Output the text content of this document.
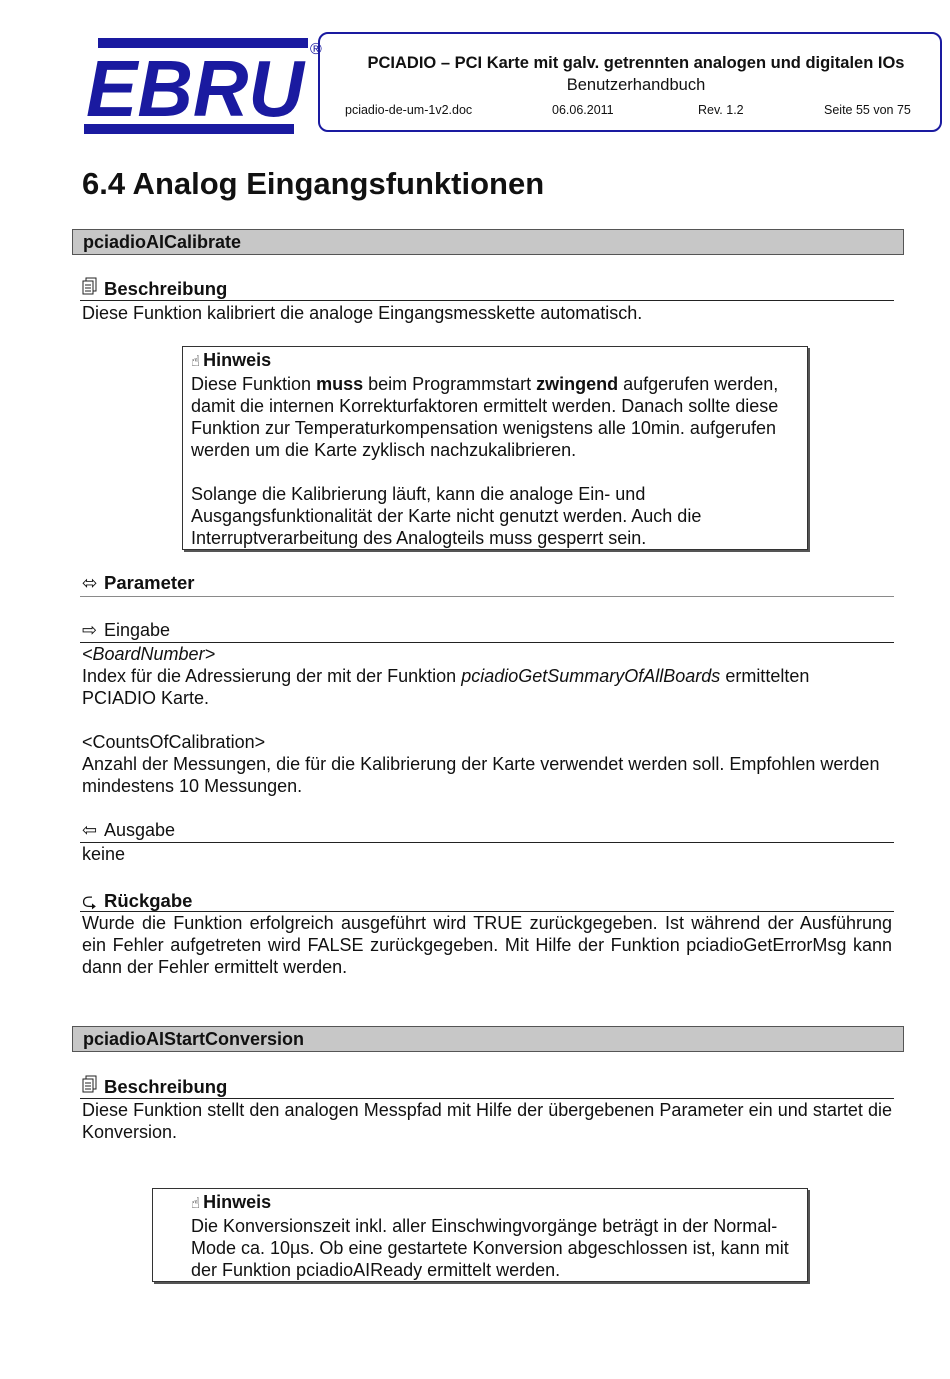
EBRU ®
PCIADIO – PCI Karte mit galv. getrennten analogen und digitalen IOs
Benutzerhandbuch
pciadio-de-um-1v2.doc	06.06.2011	Rev. 1.2	Seite 55 von 75
6.4 Analog Eingangsfunktionen
pciadioAICalibrate
Beschreibung
Diese Funktion kalibriert die analoge Eingangsmesskette automatisch.

☝ Hinweis

Diese Funktion muss beim Programmstart zwingend aufgerufen werden, damit die internen Korrekturfaktoren ermittelt werden. Danach sollte diese Funktion zur Temperaturkompensation wenigstens alle 10min. aufgerufen werden um die Karte zyklisch nachzukalibrieren.

Solange die Kalibrierung läuft, kann die analoge Ein- und Ausgangsfunktionalität der Karte nicht genutzt werden. Auch die Interruptverarbeitung des Analogteils muss gesperrt sein.

⬄ Parameter
⇨ Eingabe
<BoardNumber>
Index für die Adressierung der mit der Funktion pciadioGetSummaryOfAllBoards ermittelten PCIADIO Karte.
<CountsOfCalibration>
Anzahl der Messungen, die für die Kalibrierung der Karte verwendet werden soll. Empfohlen werden mindestens 10 Messungen.
⇦ Ausgabe
keine
⮎ Rückgabe
Wurde die Funktion erfolgreich ausgeführt wird TRUE zurückgegeben. Ist während der Ausführung ein Fehler aufgetreten wird FALSE zurückgegeben. Mit Hilfe der Funktion pciadioGetErrorMsg kann dann der Fehler ermittelt werden.
pciadioAIStartConversion
Beschreibung
Diese Funktion stellt den analogen Messpfad mit Hilfe der übergebenen Parameter ein und startet die Konversion.

☝ Hinweis

Die Konversionszeit inkl. aller Einschwingvorgänge beträgt in der Normal-Mode ca. 10µs. Ob eine gestartete Konversion abgeschlossen ist, kann mit der Funktion pciadioAIReady ermittelt werden.
